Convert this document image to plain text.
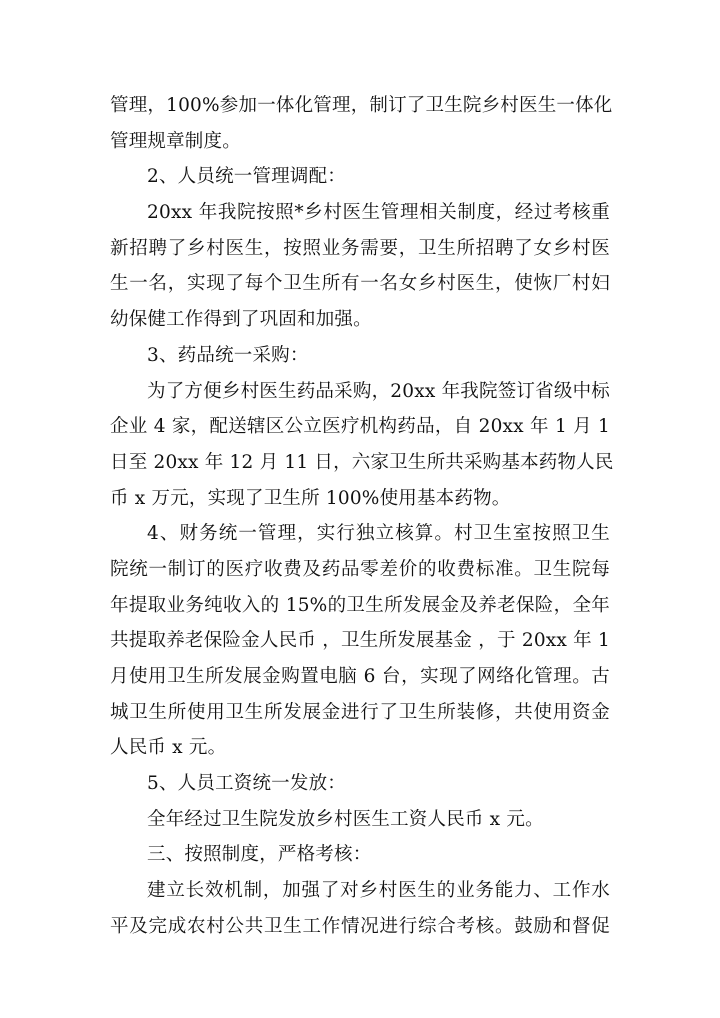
管理，100%参加一体化管理，制订了卫生院乡村医生一体化
管理规章制度。
2、人员统一管理调配：
20xx 年我院按照*乡村医生管理相关制度，经过考核重
新招聘了乡村医生，按照业务需要，卫生所招聘了女乡村医
生一名，实现了每个卫生所有一名女乡村医生，使恢厂村妇
幼保健工作得到了巩固和加强。
3、药品统一采购：
为了方便乡村医生药品采购，20xx 年我院签订省级中标
企业 4 家，配送辖区公立医疗机构药品，自 20xx 年 1 月 1
日至 20xx 年 12 月 11 日，六家卫生所共采购基本药物人民
币 x 万元，实现了卫生所 100%使用基本药物。
4、财务统一管理，实行独立核算。村卫生室按照卫生
院统一制订的医疗收费及药品零差价的收费标准。卫生院每
年提取业务纯收入的 15%的卫生所发展金及养老保险，全年
共提取养老保险金人民币 ，卫生所发展基金 ，于 20xx 年 1
月使用卫生所发展金购置电脑 6 台，实现了网络化管理。古
城卫生所使用卫生所发展金进行了卫生所装修，共使用资金
人民币 x 元。
5、人员工资统一发放：
全年经过卫生院发放乡村医生工资人民币 x 元。
三、按照制度，严格考核：
建立长效机制，加强了对乡村医生的业务能力、工作水
平及完成农村公共卫生工作情况进行综合考核。鼓励和督促
